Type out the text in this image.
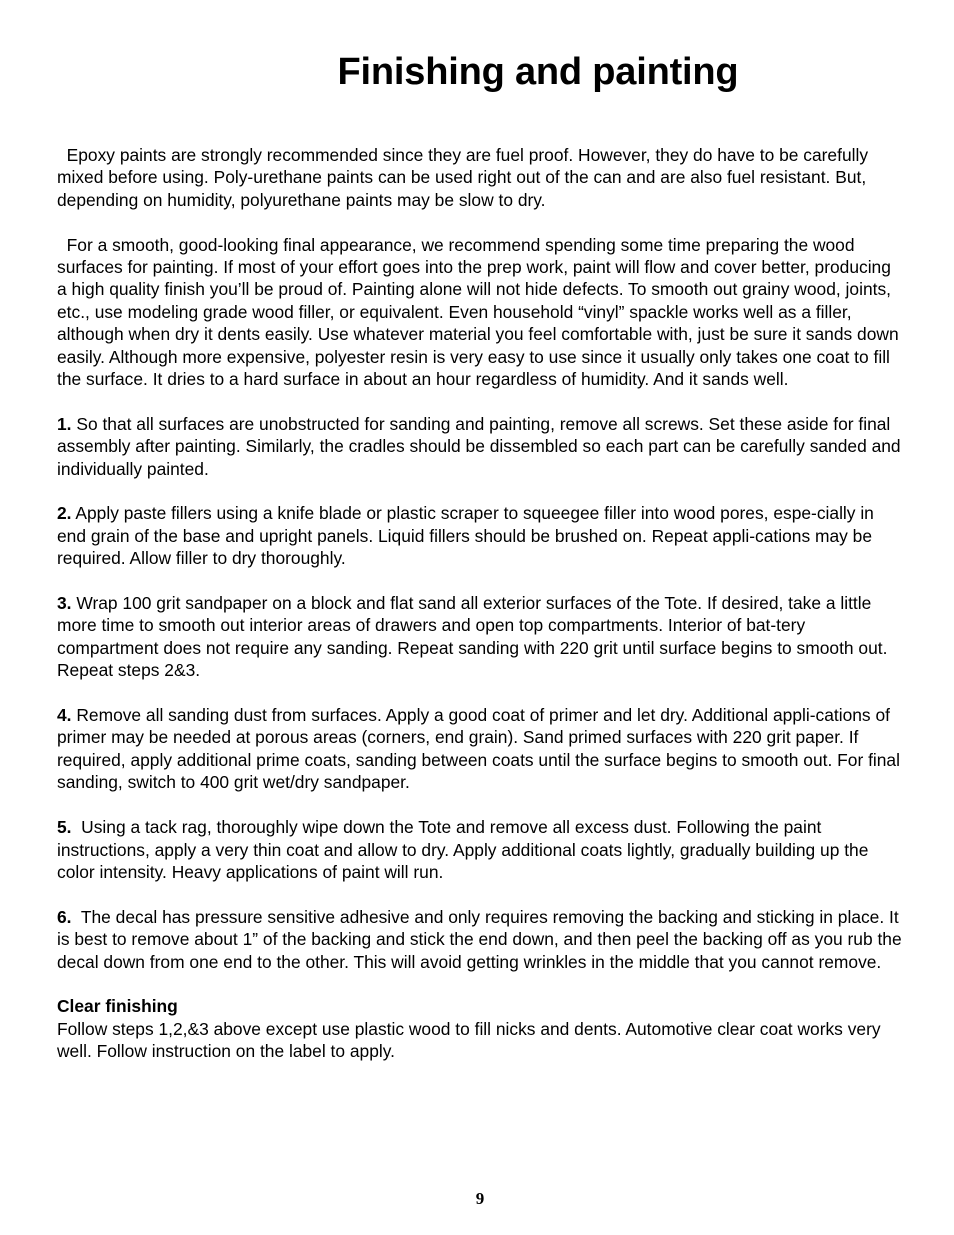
Finishing and painting

Epoxy paints are strongly recommended since they are fuel proof. However, they do have to be carefully mixed before using. Poly-urethane paints can be used right out of the can and are also fuel resistant. But, depending on humidity, polyurethane paints may be slow to dry.

For a smooth, good-looking final appearance, we recommend spending some time preparing the wood surfaces for painting. If most of your effort goes into the prep work, paint will flow and cover better, producing a high quality finish you’ll be proud of. Painting alone will not hide defects. To smooth out grainy wood, joints, etc., use modeling grade wood filler, or equivalent. Even household “vinyl” spackle works well as a filler, although when dry it dents easily. Use whatever material you feel comfortable with, just be sure it sands down easily. Although more expensive, polyester resin is very easy to use since it usually only takes one coat to fill the surface. It dries to a hard surface in about an hour regardless of humidity. And it sands well.

1. So that all surfaces are unobstructed for sanding and painting, remove all screws. Set these aside for final assembly after painting. Similarly, the cradles should be dissembled so each part can be carefully sanded and individually painted.

2. Apply paste fillers using a knife blade or plastic scraper to squeegee filler into wood pores, espe-cially in end grain of the base and upright panels. Liquid fillers should be brushed on. Repeat appli-cations may be required. Allow filler to dry thoroughly.

3. Wrap 100 grit sandpaper on a block and flat sand all exterior surfaces of the Tote. If desired, take a little more time to smooth out interior areas of drawers and open top compartments. Interior of bat-tery compartment does not require any sanding. Repeat sanding with 220 grit until surface begins to smooth out. Repeat steps 2&3.

4. Remove all sanding dust from surfaces. Apply a good coat of primer and let dry. Additional appli-cations of primer may be needed at porous areas (corners, end grain). Sand primed surfaces with 220 grit paper. If required, apply additional prime coats, sanding between coats until the surface begins to smooth out. For final sanding, switch to 400 grit wet/dry sandpaper.

5.  Using a tack rag, thoroughly wipe down the Tote and remove all excess dust. Following the paint instructions, apply a very thin coat and allow to dry. Apply additional coats lightly, gradually building up the color intensity. Heavy applications of paint will run.

6.  The decal has pressure sensitive adhesive and only requires removing the backing and sticking in place. It is best to remove about 1” of the backing and stick the end down, and then peel the backing off as you rub the decal down from one end to the other. This will avoid getting wrinkles in the middle that you cannot remove.

Clear finishing

Follow steps 1,2,&3 above except use plastic wood to fill nicks and dents. Automotive clear coat works very well. Follow instruction on the label to apply.

9
